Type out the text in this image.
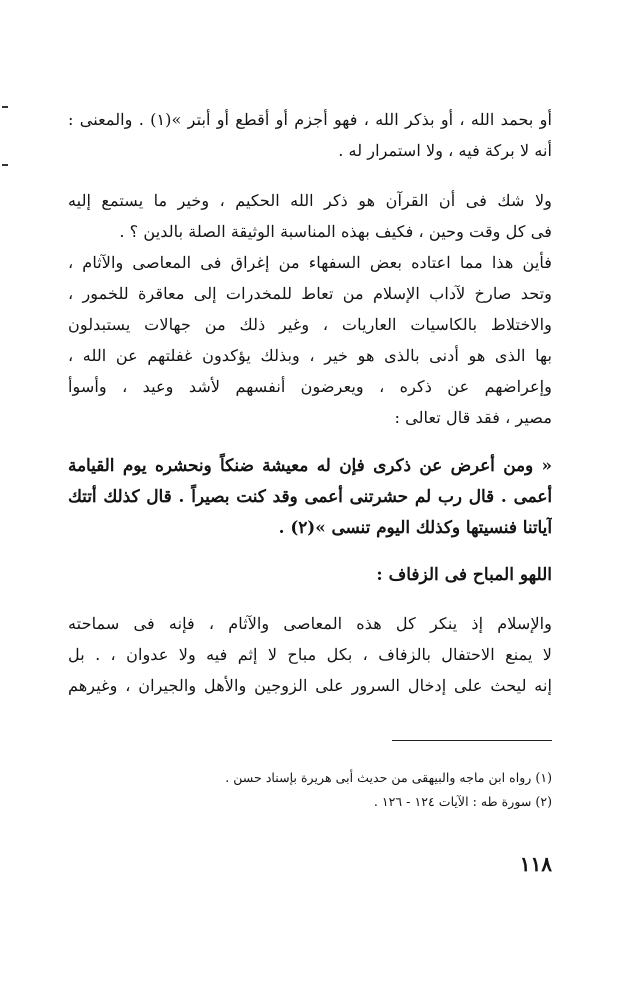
أو بحمد الله ، أو بذكر الله ، فهو أجزم أو أقطع أو أبتر »(١) . والمعنى :
أنه لا بركة فيه ، ولا استمرار له .
ولا شك فى أن القرآن هو ذكر الله الحكيم ، وخير ما يستمع إليه
فى كل وقت وحين ، فكيف بهذه المناسبة الوثيقة الصلة بالدين ؟ .
فأين هذا مما اعتاده بعض السفهاء من إغراق فى المعاصى والآثام ،
وتحد صارخ لآداب الإسلام من تعاط للمخدرات إلى معاقرة للخمور ،
والاختلاط بالكاسيات العاريات ، وغير ذلك من جهالات يستبدلون
بها الذى هو أدنى بالذى هو خير ، وبذلك يؤكدون غفلتهم عن الله ،
وإعراضهم عن ذكره ، ويعرضون أنفسهم لأشد وعيد ، وأسوأ
مصير ، فقد قال تعالى :
« ومن أعرض عن ذكرى فإن له معيشة ضنكاً ونحشره يوم القيامة
أعمى . قال رب لم حشرتنى أعمى وقد كنت بصيراً . قال كذلك أتتك
آياتنا فنسيتها وكذلك اليوم تنسى »(٢) .
اللهو المباح فى الزفاف :
والإسلام إذ ينكر كل هذه المعاصى والآثام ، فإنه فى سماحته
لا يمنع الاحتفال بالزفاف ، بكل مباح لا إثم فيه ولا عدوان ، . بل
إنه ليحث على إدخال السرور على الزوجين والأهل والجيران ، وغيرهم
(١) رواه ابن ماجه والبيهقى من حديث أبى هريرة بإسناد حسن .
(٢) سورة طه : الآيات ١٢٤ - ١٢٦ .
١١٨
